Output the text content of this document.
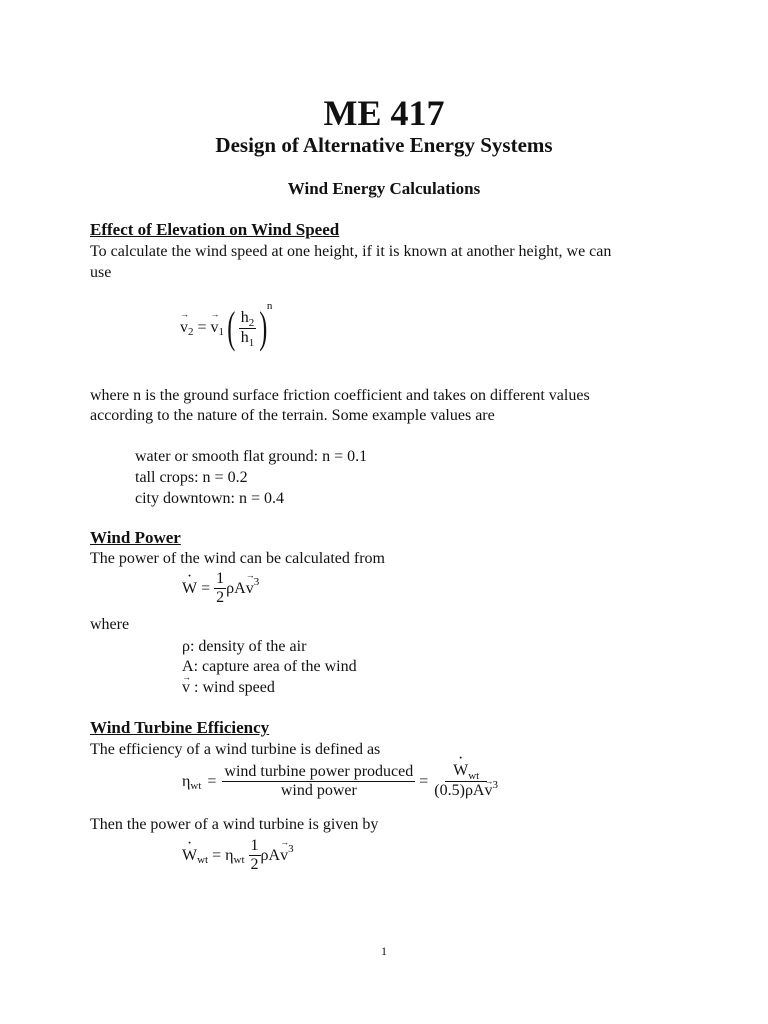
ME 417
Design of Alternative Energy Systems
Wind Energy Calculations
Effect of Elevation on Wind Speed
To calculate the wind speed at one height, if it is known at another height, we can
use
→ v 2 = → v 1 ( $\frac{h_2}{h_1}$ ) n
where n is the ground surface friction coefficient and takes on different values
according to the nature of the terrain. Some example values are
water or smooth flat ground: n = 0.1
tall crops: n = 0.2
city downtown: n = 0.4
Wind Power
The power of the wind can be calculated from
· $W = \frac{1}{2}$ ρA → v 3
where
ρ: density of the air
A: capture area of the wind
→ v : wind speed
Wind Turbine Efficiency
The efficiency of a wind turbine is defined as
η wt = $\frac{\text{wind turbine power produced}}{\text{wind power}}$ = · $\frac{W_{wt}}{(0.5)\rho A\to v^3}$
Then the power of a wind turbine is given by
· W wt = η wt $\frac{1}{2}$ ρA → v 3
1
